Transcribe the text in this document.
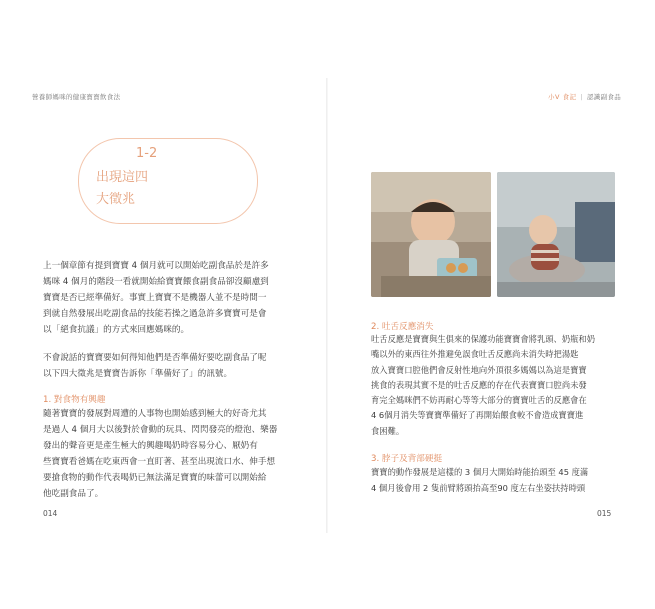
營養師媽咪的健康寶寶飲食法	小V 食記 | 認識副食品
1-2
出現這四
大徵兆
上一個章節有提到寶寶 4 個月就可以開始吃副食品於是許多
媽咪 4 個月的階段一看就開始給寶寶餵食副食品卻沒顧慮到
寶寶是否已經準備好。事實上寶寶不是機器人並不是時間一
到就自然發展出吃副食品的技能若操之過急許多寶寶可是會
以「絕食抗議」的方式來回應媽咪的。
不會說話的寶寶要如何得知他們是否準備好要吃副食品了呢
以下四大徵兆是寶寶告訴你「準備好了」的訊號。
1. 對食物有興趣
隨著寶寶的發展對周遭的人事物也開始感到極大的好奇尤其
是過人 4 個月大以後對於會動的玩具、閃閃發亮的燈泡、樂器
發出的聲音更是產生極大的興趣喝奶時容易分心、厭奶有
些寶寶看爸媽在吃東西會一直盯著、甚至出現流口水、伸手想
要搶食物的動作代表喝奶已無法滿足寶寶的味蕾可以開始給
他吃副食品了。
014
2. 吐舌反應消失
吐舌反應是寶寶與生俱來的保護功能寶寶會將乳頭、奶瓶和奶
嘴以外的東西往外推避免誤食吐舌反應尚未消失時把湯匙
放入寶寶口腔他們會反射性地向外頂很多媽媽以為這是寶寶
挑食的表現其實不是的吐舌反應的存在代表寶寶口腔尚未發
育完全媽咪們不妨再耐心等等大部分的寶寶吐舌的反應會在
4 6個月消失等寶寶準備好了再開始餵食較不會造成寶寶進
食困難。
3. 脖子及背部硬挺
寶寶的動作發展是這樣的 3 個月大開始時能抬頭至 45 度滿
4 個月後會用 2 隻前臂將頭抬高至90 度左右坐姿扶持時頭
015
